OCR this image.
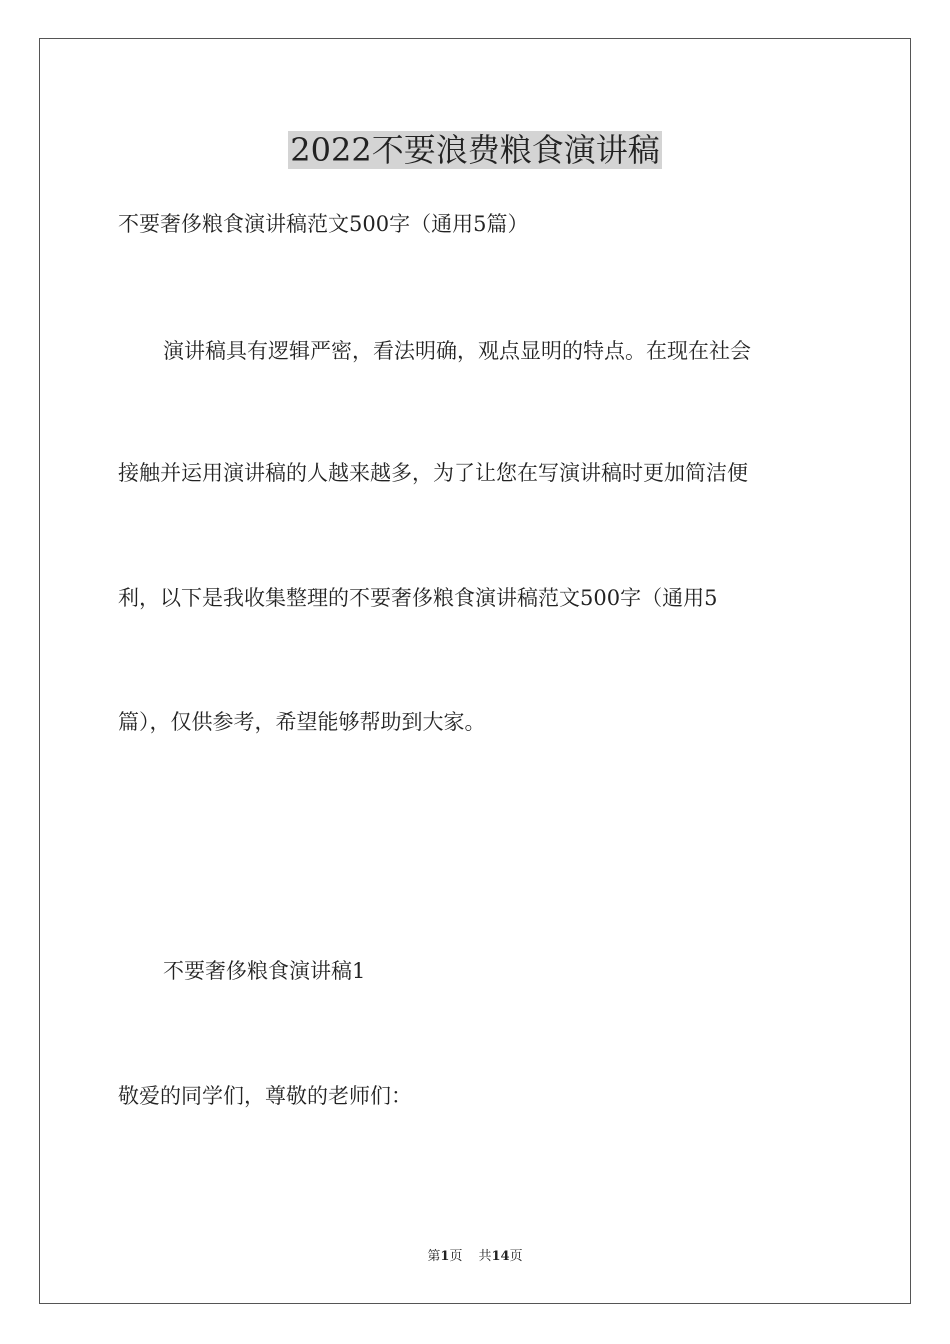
2022不要浪费粮食演讲稿

不要奢侈粮食演讲稿范文500字（通用5篇）

演讲稿具有逻辑严密，看法明确，观点显明的特点。在现在社会

接触并运用演讲稿的人越来越多，为了让您在写演讲稿时更加简洁便

利，以下是我收集整理的不要奢侈粮食演讲稿范文500字（通用5

篇），仅供参考，希望能够帮助到大家。

不要奢侈粮食演讲稿1

敬爱的同学们，尊敬的老师们：

第1页 共14页
